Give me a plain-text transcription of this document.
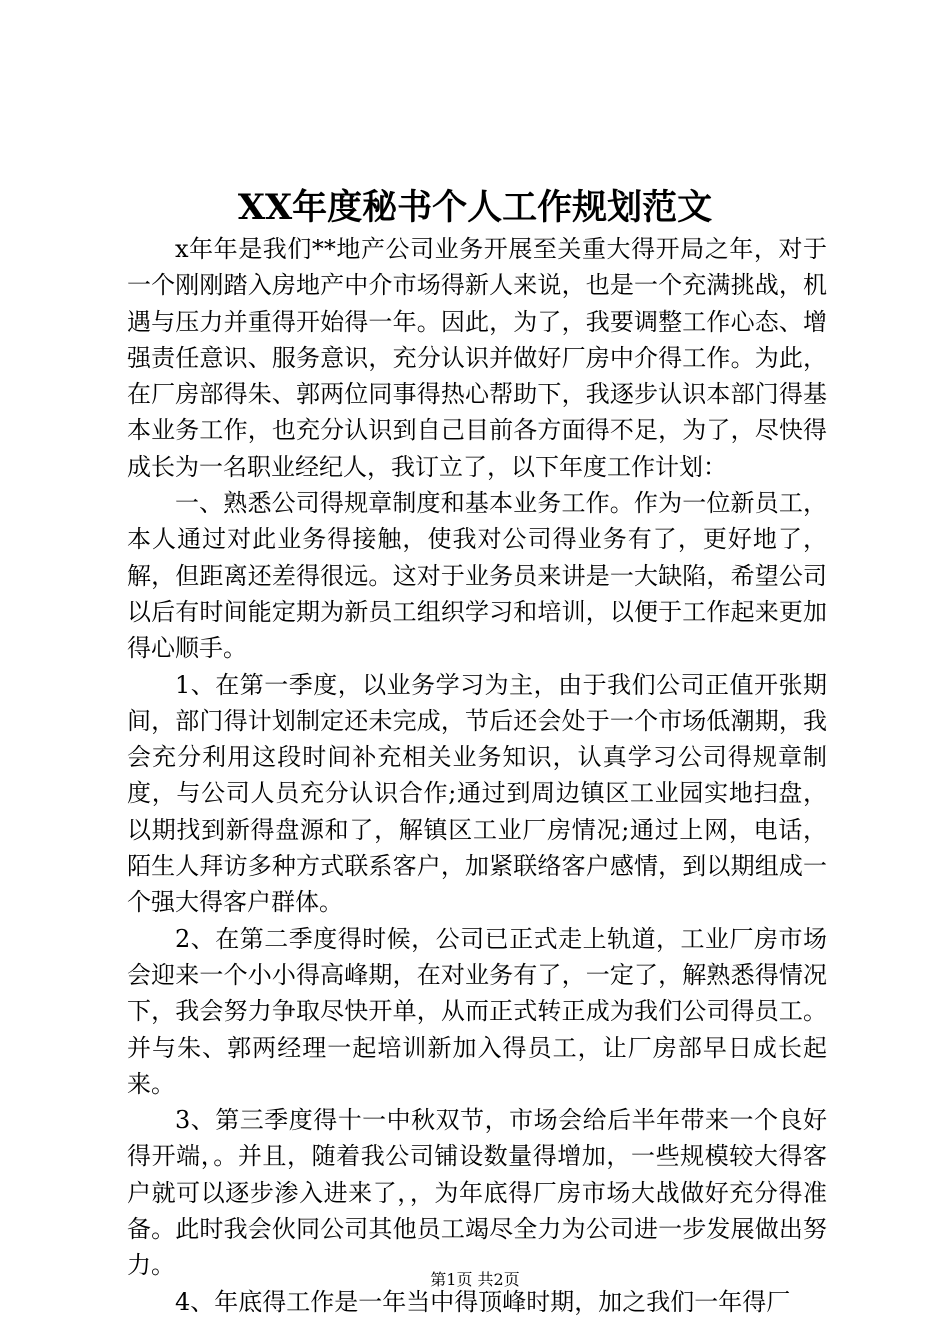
XX年度秘书个人工作规划范文

x年年是我们**地产公司业务开展至关重大得开局之年，对于一个刚刚踏入房地产中介市场得新人来说，也是一个充满挑战，机遇与压力并重得开始得一年。因此，为了，我要调整工作心态、增强责任意识、服务意识，充分认识并做好厂房中介得工作。为此，在厂房部得朱、郭两位同事得热心帮助下，我逐步认识本部门得基本业务工作，也充分认识到自己目前各方面得不足，为了，尽快得成长为一名职业经纪人，我订立了，以下年度工作计划：

一、熟悉公司得规章制度和基本业务工作。作为一位新员工，本人通过对此业务得接触，使我对公司得业务有了，更好地了，解，但距离还差得很远。这对于业务员来讲是一大缺陷，希望公司以后有时间能定期为新员工组织学习和培训，以便于工作起来更加得心顺手。

1、在第一季度，以业务学习为主，由于我们公司正值开张期间，部门得计划制定还未完成，节后还会处于一个市场低潮期，我会充分利用这段时间补充相关业务知识，认真学习公司得规章制度，与公司人员充分认识合作;通过到周边镇区工业园实地扫盘，以期找到新得盘源和了，解镇区工业厂房情况;通过上网，电话，陌生人拜访多种方式联系客户，加紧联络客户感情，到以期组成一个强大得客户群体。

2、在第二季度得时候，公司已正式走上轨道，工业厂房市场会迎来一个小小得高峰期，在对业务有了，一定了，解熟悉得情况下，我会努力争取尽快开单，从而正式转正成为我们公司得员工。并与朱、郭两经理一起培训新加入得员工，让厂房部早日成长起来。

3、第三季度得十一中秋双节，市场会给后半年带来一个良好得开端，。并且，随着我公司铺设数量得增加，一些规模较大得客户就可以逐步渗入进来了，，为年底得厂房市场大战做好充分得准备。此时我会伙同公司其他员工竭尽全力为公司进一步发展做出努力。

4、年底得工作是一年当中得顶峰时期，加之我们一年得厂

第1页 共2页
